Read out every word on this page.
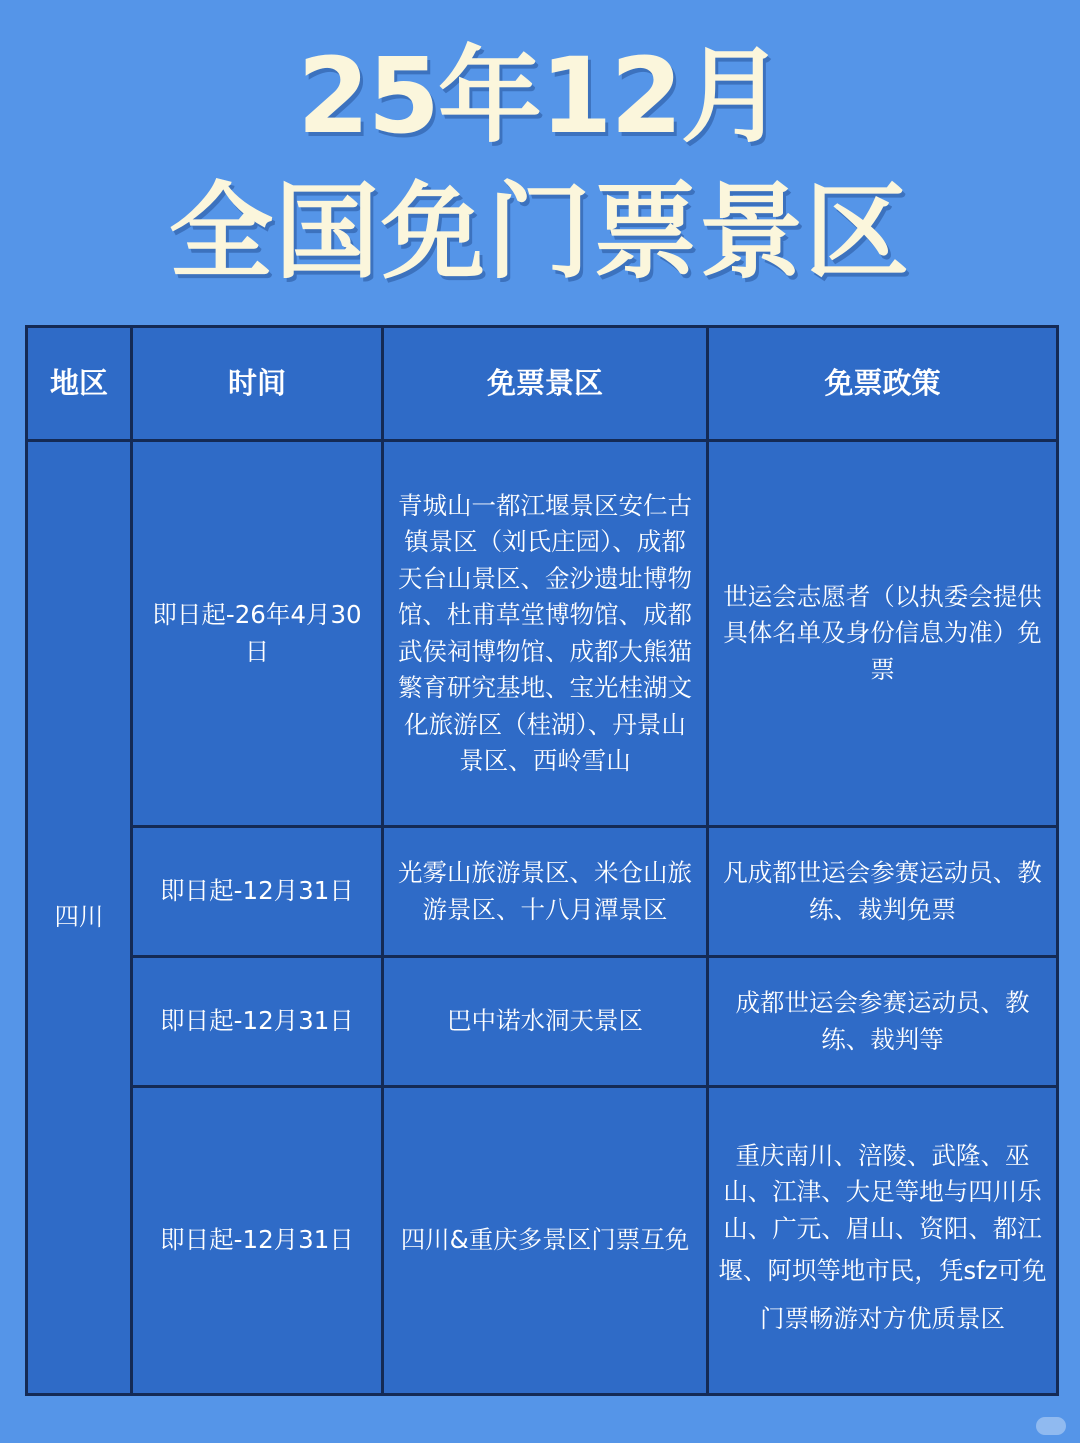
25年12月
全国免门票景区
地区	时间	免票景区	免票政策
四川	即日起-26年4月30日	青城山一都江堰景区安仁古镇景区（刘氏庄园）、成都天台山景区、金沙遗址博物馆、杜甫草堂博物馆、成都武侯祠博物馆、成都大熊猫繁育研究基地、宝光桂湖文化旅游区（桂湖）、丹景山景区、西岭雪山	世运会志愿者（以执委会提供具体名单及身份信息为准）免票
	即日起-12月31日	光雾山旅游景区、米仓山旅游景区、十八月潭景区	凡成都世运会参赛运动员、教练、裁判免票
	即日起-12月31日	巴中诺水洞天景区	成都世运会参赛运动员、教练、裁判等
	即日起-12月31日	四川&重庆多景区门票互免	重庆南川、涪陵、武隆、巫山、江津、大足等地与四川乐山、广元、眉山、资阳、都江堰、阿坝等地市民，凭sfz可免门票畅游对方优质景区
